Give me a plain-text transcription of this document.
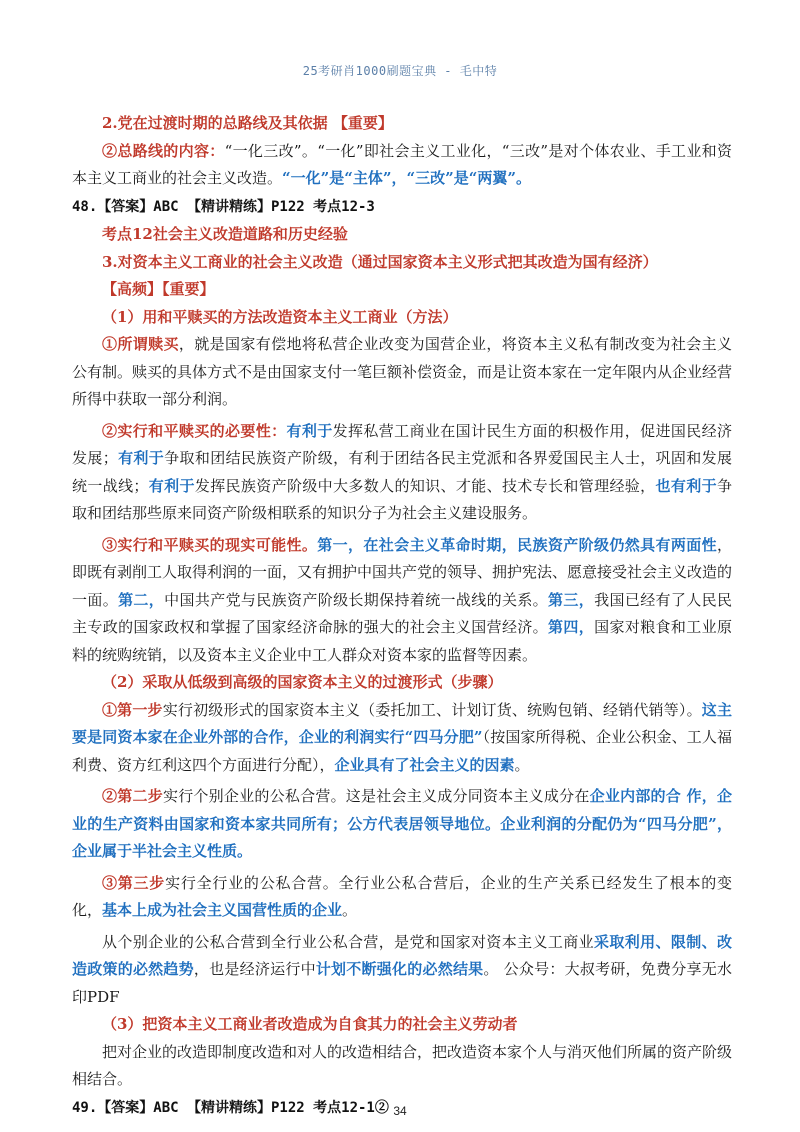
25考研肖1000刷题宝典 - 毛中特

2.党在过渡时期的总路线及其依据 【重要】

②总路线的内容：“一化三改”。“一化”即社会主义工业化，“三改”是对个体农业、手工业和资本主义工商业的社会主义改造。“一化”是“主体”，“三改”是“两翼”。

48.【答案】ABC 【精讲精练】P122 考点12-3

考点12社会主义改造道路和历史经验

3.对资本主义工商业的社会主义改造（通过国家资本主义形式把其改造为国有经济）

【高频】【重要】

（1）用和平赎买的方法改造资本主义工商业（方法）

①所谓赎买，就是国家有偿地将私营企业改变为国营企业，将资本主义私有制改变为社会主义公有制。赎买的具体方式不是由国家支付一笔巨额补偿资金，而是让资本家在一定年限内从企业经营所得中获取一部分利润。

②实行和平赎买的必要性：有利于发挥私营工商业在国计民生方面的积极作用，促进国民经济发展；有利于争取和团结民族资产阶级，有利于团结各民主党派和各界爱国民主人士，巩固和发展统一战线；有利于发挥民族资产阶级中大多数人的知识、才能、技术专长和管理经验，也有利于争取和团结那些原来同资产阶级相联系的知识分子为社会主义建设服务。

③实行和平赎买的现实可能性。第一，在社会主义革命时期，民族资产阶级仍然具有两面性，即既有剥削工人取得利润的一面，又有拥护中国共产党的领导、拥护宪法、愿意接受社会主义改造的一面。第二，中国共产党与民族资产阶级长期保持着统一战线的关系。第三，我国已经有了人民民主专政的国家政权和掌握了国家经济命脉的强大的社会主义国营经济。第四，国家对粮食和工业原料的统购统销，以及资本主义企业中工人群众对资本家的监督等因素。

（2）采取从低级到高级的国家资本主义的过渡形式（步骤）

①第一步实行初级形式的国家资本主义（委托加工、计划订货、统购包销、经销代销等）。这主要是同资本家在企业外部的合作，企业的利润实行“四马分肥”（按国家所得税、企业公积金、工人福利费、资方红利这四个方面进行分配），企业具有了社会主义的因素。

②第二步实行个别企业的公私合营。这是社会主义成分同资本主义成分在企业内部的合 作，企业的生产资料由国家和资本家共同所有；公方代表居领导地位。企业利润的分配仍为“四马分肥”，企业属于半社会主义性质。

③第三步实行全行业的公私合营。全行业公私合营后，企业的生产关系已经发生了根本的变化，基本上成为社会主义国营性质的企业。

从个别企业的公私合营到全行业公私合营，是党和国家对资本主义工商业采取利用、限制、改造政策的必然趋势，也是经济运行中计划不断强化的必然结果。 公众号：大叔考研，免费分享无水印PDF

（3）把资本主义工商业者改造成为自食其力的社会主义劳动者

把对企业的改造即制度改造和对人的改造相结合，把改造资本家个人与消灭他们所属的资产阶级相结合。

49.【答案】ABC 【精讲精练】P122 考点12-1② 34
